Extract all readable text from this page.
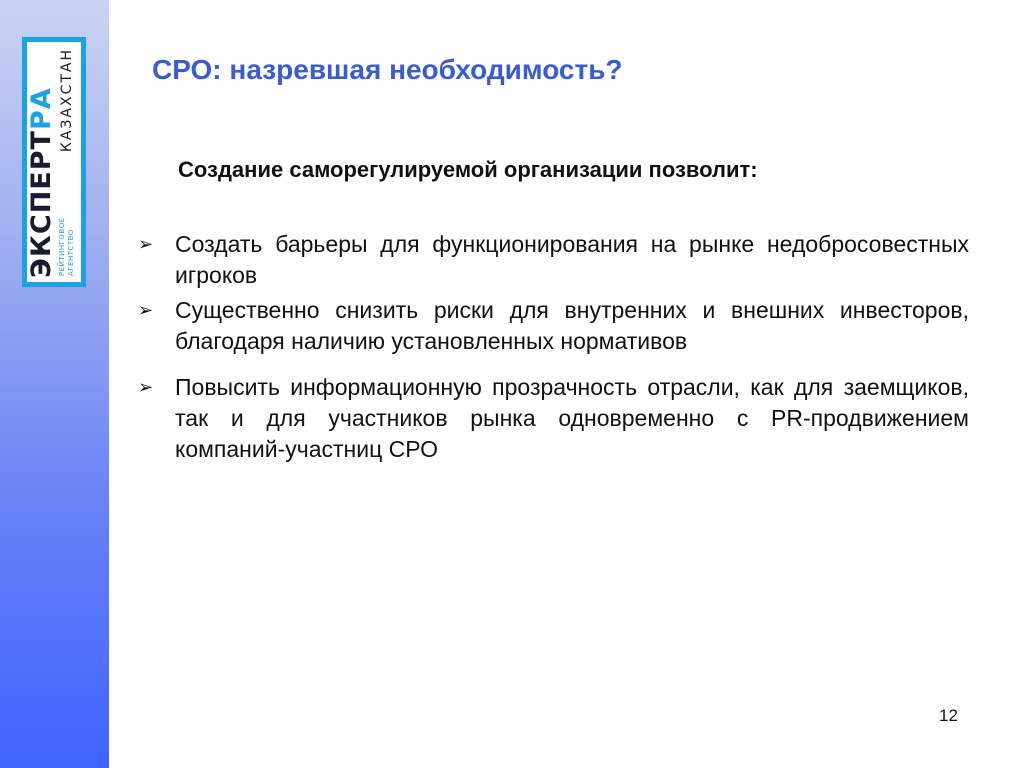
ЭКСПЕРТРА
РЕЙТИНГОВОЕ АГЕНТСТВО
КАЗАХСТАН	СРО: назревшая необходимость?
Создание саморегулируемой организации позволит:
➢ Создать барьеры для функционирования на рынке недобросовестных игроков
➢ Существенно снизить риски для внутренних и внешних инвесторов, благодаря наличию установленных нормативов
➢ Повысить информационную прозрачность отрасли, как для заемщиков, так и для участников рынка одновременно с PR-продвижением компаний-участниц СРО
12
